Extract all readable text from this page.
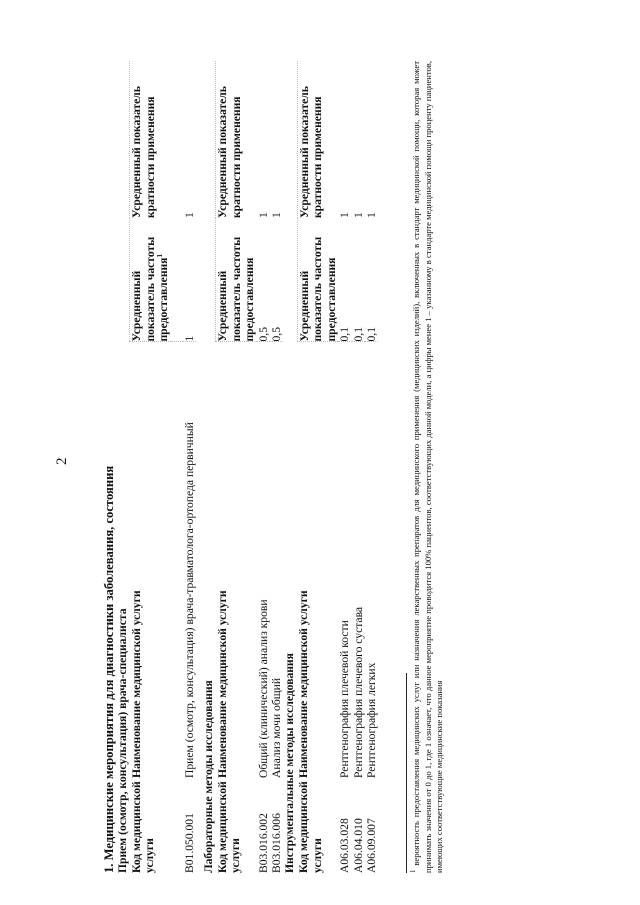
2

1. Медицинские мероприятия для диагностики заболевания, состояния Прием (осмотр, консультация) врача-специалиста Код медицинской услуги	Наименование медицинской услуги	Усредненный показатель частоты предоставления$^1$	Усредненный показатель кратности применения

B01.050.001	Прием (осмотр, консультация) врача-травматолога-ортопеда первичный	1	1

Лабораторные методы исследования Код медицинской услуги	Наименование медицинской услуги	Усредненный показатель частоты предоставления	Усредненный показатель кратности применения
B03.016.002	Общий (клинический) анализ крови	0,5	1
B03.016.006	Анализ мочи общий	0,5	1

Инструментальные методы исследования Код медицинской услуги	Наименование медицинской услуги	Усредненный показатель частоты предоставления	Усредненный показатель кратности применения
A06.03.028	Рентгенография плечевой кости	0,1	1
A06.04.010	Рентгенография плечевого сустава	0,1	1
A06.09.007	Рентгенография легких	0,1	1

$^1$ вероятность предоставления медицинских услуг или назначения лекарственных препаратов для медицинского применения (медицинских изделий), включенных в стандарт медицинской помощи, которая может принимать значения от 0 до 1, где 1 означает, что данное мероприятие проводится 100% пациентов, соответствующих данной модели, а цифры менее 1 – указанному в стандарте медицинской помощи проценту пациентов, имеющих соответствующие медицинские показания
